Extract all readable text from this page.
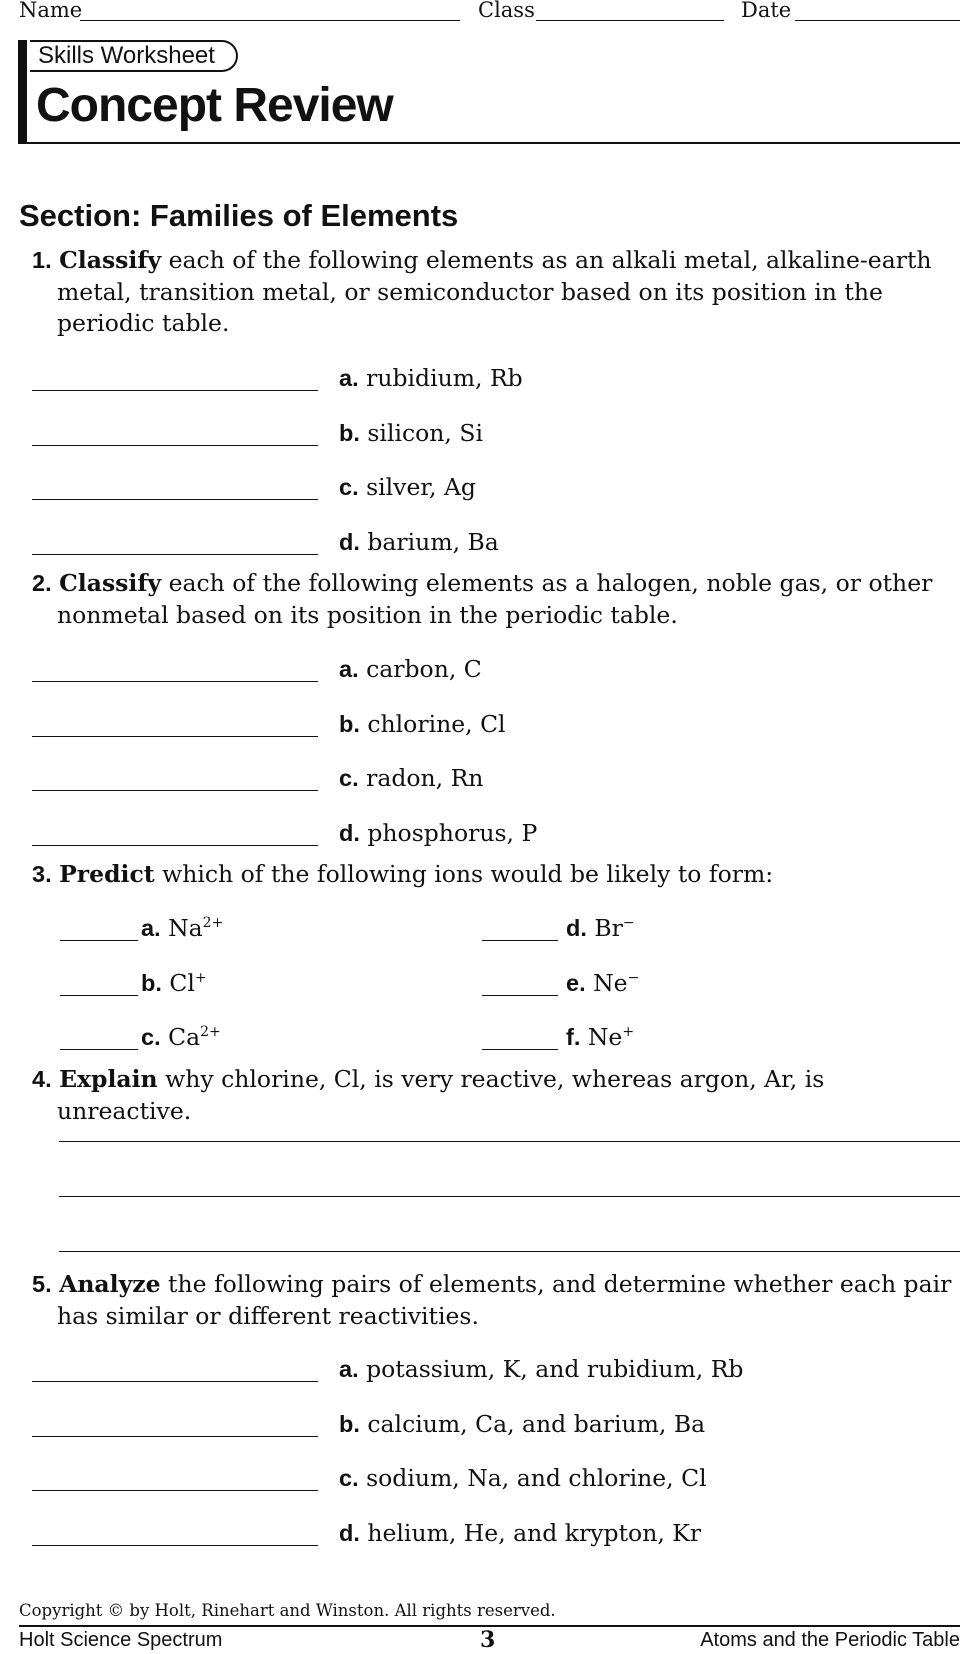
Name	Class	Date
Skills Worksheet
Concept Review
Section: Families of Elements
1. Classify each of the following elements as an alkali metal, alkaline-earth metal, transition metal, or semiconductor based on its position in the periodic table.
a. rubidium, Rb
b. silicon, Si
c. silver, Ag
d. barium, Ba
2. Classify each of the following elements as a halogen, noble gas, or other nonmetal based on its position in the periodic table.
a. carbon, C
b. chlorine, Cl
c. radon, Rn
d. phosphorus, P
3. Predict which of the following ions would be likely to form:
a. $Na^{2+}$
b. Cl+
c. $Ca^{2+}$
d. Br−
e. Ne−
f. Ne+
4. Explain why chlorine, Cl, is very reactive, whereas argon, Ar, is unreactive.
5. Analyze the following pairs of elements, and determine whether each pair has similar or different reactivities.
a. potassium, K, and rubidium, Rb
b. calcium, Ca, and barium, Ba
c. sodium, Na, and chlorine, Cl
d. helium, He, and krypton, Kr
Copyright © by Holt, Rinehart and Winston. All rights reserved.
Holt Science Spectrum	3	Atoms and the Periodic Table
